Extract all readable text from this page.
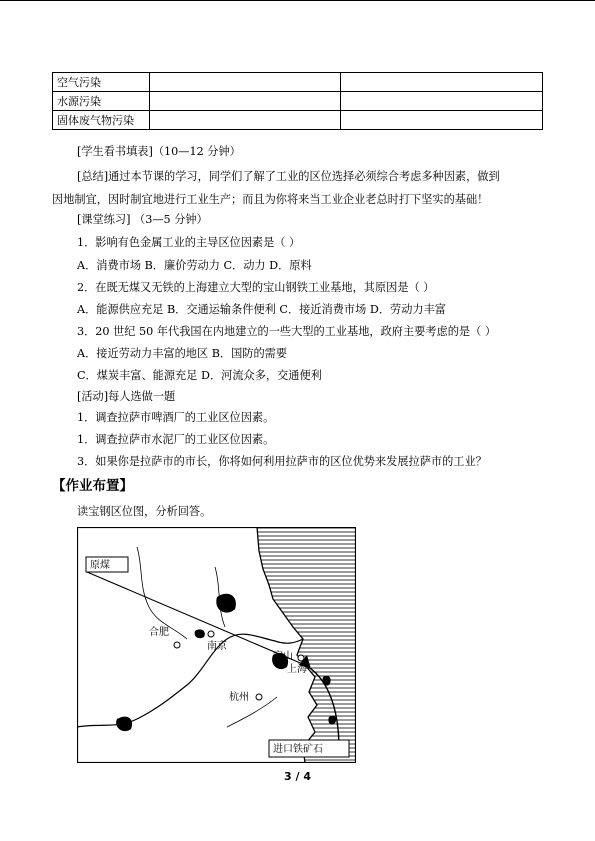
空气污染		
水源污染		
固体废气物污染		
[学生看书填表]（10—12 分钟）
[总结]通过本节课的学习，同学们了解了工业的区位选择必须综合考虑多种因素，做到
因地制宜，因时制宜地进行工业生产；而且为你将来当工业企业老总时打下坚实的基础！
[课堂练习] （3—5 分钟）
1．影响有色金属工业的主导区位因素是（ ）
A．消费市场 B．廉价劳动力 C．动力 D．原料
2．在既无煤又无铁的上海建立大型的宝山钢铁工业基地，其原因是（ ）
A．能源供应充足 B．交通运输条件便利 C．接近消费市场 D．劳动力丰富
3．20 世纪 50 年代我国在内地建立的一些大型的工业基地，政府主要考虑的是（ ）
A．接近劳动力丰富的地区 B．国防的需要
C．煤炭丰富、能源充足 D．河流众多，交通便利
[活动]每人选做一题
1．调查拉萨市啤酒厂的工业区位因素。
1．调查拉萨市水泥厂的工业区位因素。
3．如果你是拉萨市的市长，你将如何利用拉萨市的区位优势来发展拉萨市的工业？
【作业布置】
读宝钢区位图，分析回答。
原煤
合肥
南京
宝山
上海
杭州
进口铁矿石
3 / 4
